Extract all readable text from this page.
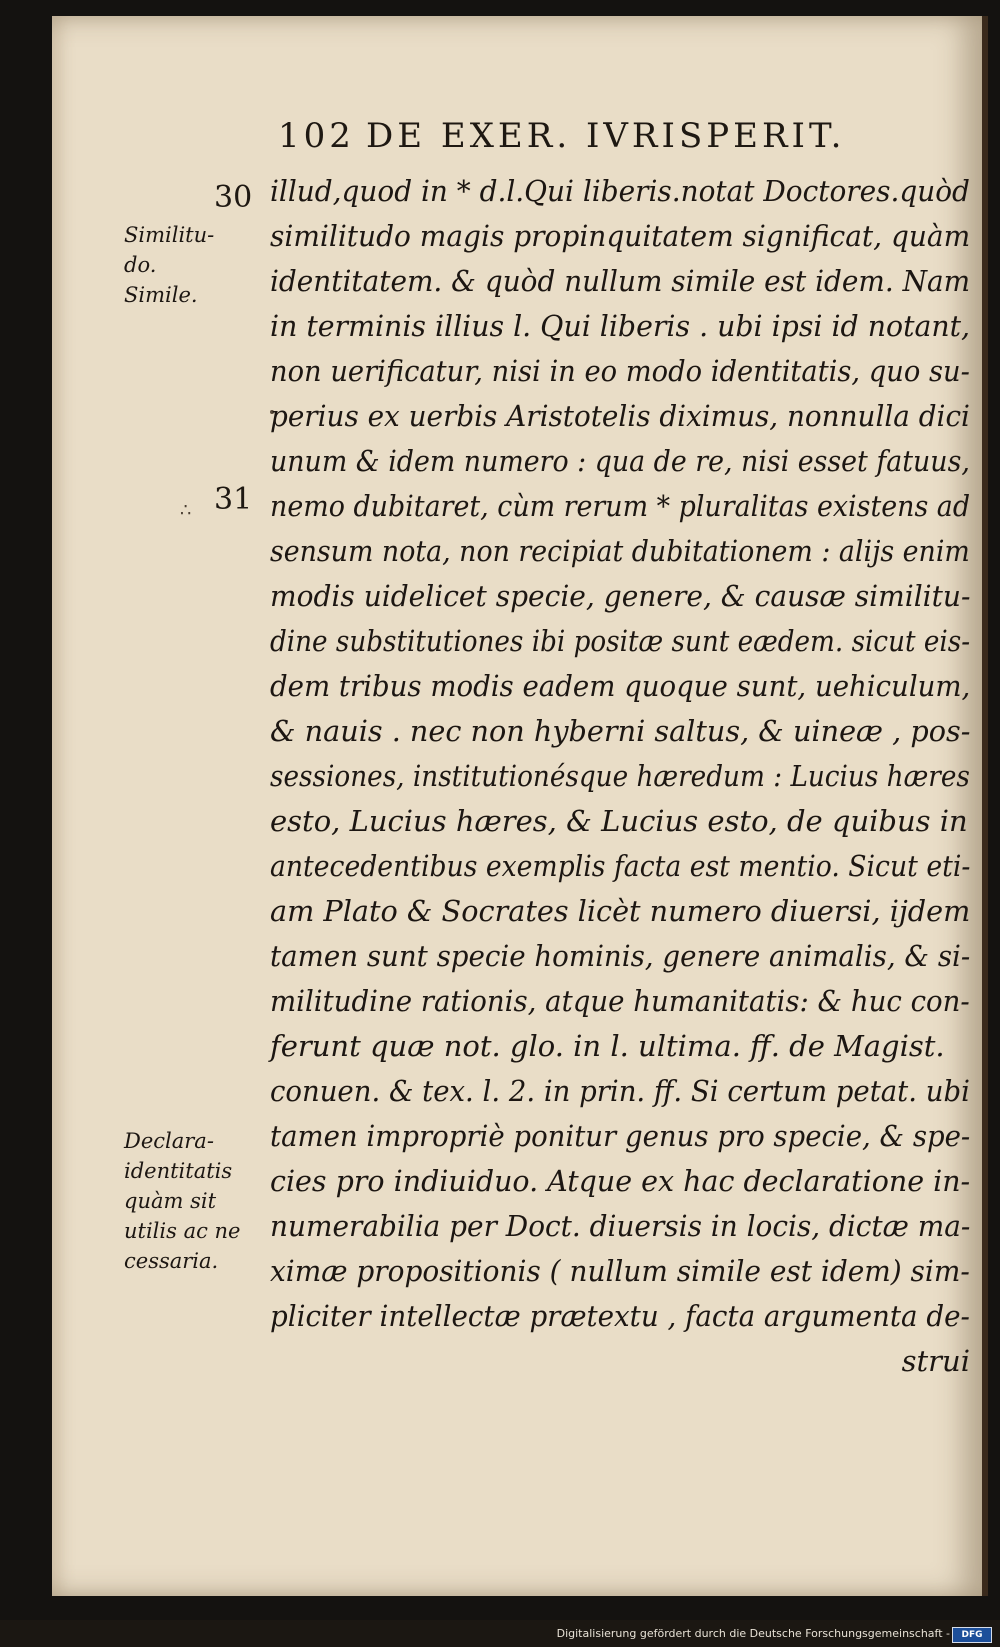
102 DE EXER. IVRISPERIT.
30
31
Similitu-
do.
Simile.
Declara-
identitatis
quàm sit
utilis ac ne
cessaria.
∴
illud,quod in * d.l.Qui liberis.notat Doctores.quòd
similitudo magis propinquitatem significat, quàm
identitatem. & quòd nullum simile est idem. Nam
in terminis illius l. Qui liberis . ubi ipsi id notant,
non uerificatur, nisi in eo modo identitatis, quo su-
perius ex uerbis Aristotelis diximus, nonnulla dici
unum & idem numero : qua de re, nisi esset fatuus,
nemo dubitaret, cùm rerum * pluralitas existens ad
sensum nota, non recipiat dubitationem : alijs enim
modis uidelicet specie, genere, & causæ similitu-
dine substitutiones ibi positæ sunt eædem. sicut eis-
dem tribus modis eadem quoque sunt, uehiculum,
& nauis . nec non hyberni saltus, & uineæ , pos-
sessiones, institutionésque hæredum : Lucius hæres
esto, Lucius hæres, & Lucius esto, de quibus in
antecedentibus exemplis facta est mentio. Sicut eti-
am Plato & Socrates licèt numero diuersi, ijdem
tamen sunt specie hominis, genere animalis, & si-
militudine rationis, atque humanitatis: & huc con-
ferunt quæ not. glo. in l. ultima. ff. de Magist.
conuen. & tex. l. 2. in prin. ff. Si certum petat. ubi
tamen impropriè ponitur genus pro specie, & spe-
cies pro indiuiduo. Atque ex hac declaratione in-
numerabilia per Doct. diuersis in locis, dictæ ma-
ximæ propositionis ( nullum simile est idem) sim-
pliciter intellectæ prætextu , facta argumenta de-
strui
Digitalisierung gefördert durch die Deutsche Forschungsgemeinschaft -	DFG
